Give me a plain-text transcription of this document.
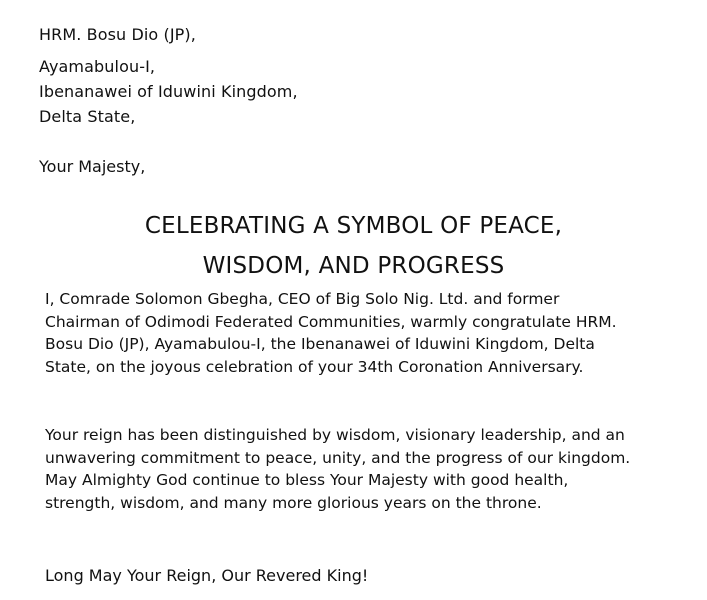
HRM. Bosu Dio (JP),
Ayamabulou-I,
Ibenanawei of Iduwini Kingdom,
Delta State,
Your Majesty,
CELEBRATING A SYMBOL OF PEACE,
WISDOM, AND PROGRESS
I, Comrade Solomon Gbegha, CEO of Big Solo Nig. Ltd. and former
Chairman of Odimodi Federated Communities, warmly congratulate HRM.
Bosu Dio (JP), Ayamabulou-I, the Ibenanawei of Iduwini Kingdom, Delta
State, on the joyous celebration of your 34th Coronation Anniversary.
Your reign has been distinguished by wisdom, visionary leadership, and an
unwavering commitment to peace, unity, and the progress of our kingdom.
May Almighty God continue to bless Your Majesty with good health,
strength, wisdom, and many more glorious years on the throne.
Long May Your Reign, Our Revered King!
